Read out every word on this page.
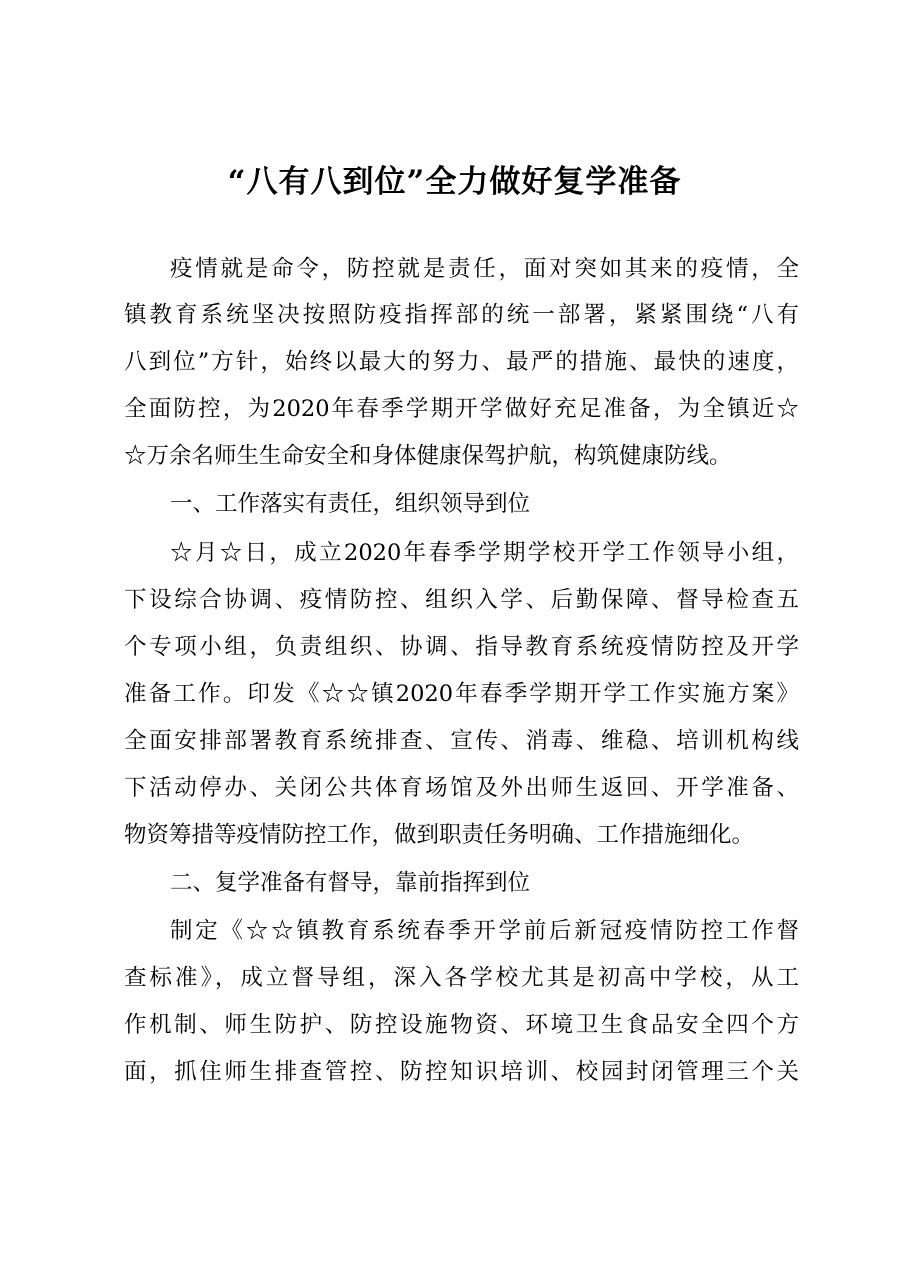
“八有八到位”全力做好复学准备
疫情就是命令，防控就是责任，面对突如其来的疫情，全
镇教育系统坚决按照防疫指挥部的统一部署，紧紧围绕“八有
八到位”方针，始终以最大的努力、最严的措施、最快的速度，
全面防控，为2020年春季学期开学做好充足准备，为全镇近☆
☆万余名师生生命安全和身体健康保驾护航，构筑健康防线。
一、工作落实有责任，组织领导到位
☆月☆日，成立2020年春季学期学校开学工作领导小组，
下设综合协调、疫情防控、组织入学、后勤保障、督导检查五
个专项小组，负责组织、协调、指导教育系统疫情防控及开学
准备工作。印发《☆☆镇2020年春季学期开学工作实施方案》
全面安排部署教育系统排查、宣传、消毒、维稳、培训机构线
下活动停办、关闭公共体育场馆及外出师生返回、开学准备、
物资筹措等疫情防控工作，做到职责任务明确、工作措施细化。
二、复学准备有督导，靠前指挥到位
制定《☆☆镇教育系统春季开学前后新冠疫情防控工作督
查标准》，成立督导组，深入各学校尤其是初高中学校，从工
作机制、师生防护、防控设施物资、环境卫生食品安全四个方
面，抓住师生排查管控、防控知识培训、校园封闭管理三个关
